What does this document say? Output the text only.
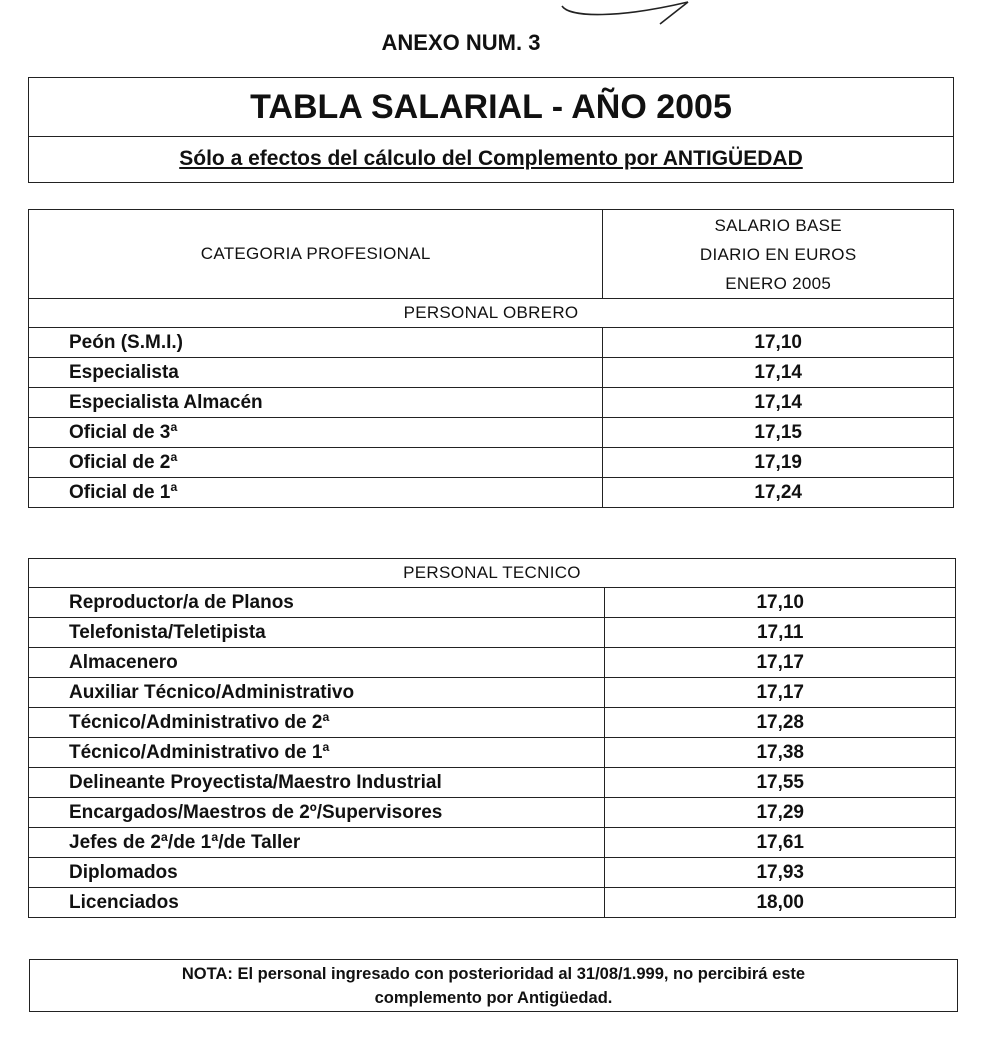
ANEXO NUM. 3
TABLA SALARIAL - AÑO 2005
Sólo a efectos del cálculo del Complemento por ANTIGÜEDAD
CATEGORIA PROFESIONAL	SALARIO BASE
DIARIO EN EUROS
ENERO 2005

PERSONAL OBRERO	
Peón (S.M.I.)	17,10
Especialista	17,14
Especialista Almacén	17,14
Oficial de 3ª	17,15
Oficial de 2ª	17,19
Oficial de 1ª	17,24
PERSONAL TECNICO	
Reproductor/a de Planos	17,10
Telefonista/Teletipista	17,11
Almacenero	17,17
Auxiliar Técnico/Administrativo	17,17
Técnico/Administrativo de 2ª	17,28
Técnico/Administrativo de 1ª	17,38
Delineante Proyectista/Maestro Industrial	17,55
Encargados/Maestros de 2º/Supervisores	17,29
Jefes de 2ª/de 1ª/de Taller	17,61
Diplomados	17,93
Licenciados	18,00
NOTA: El personal ingresado con posterioridad al 31/08/1.999, no percibirá este
complemento por Antigüedad.
